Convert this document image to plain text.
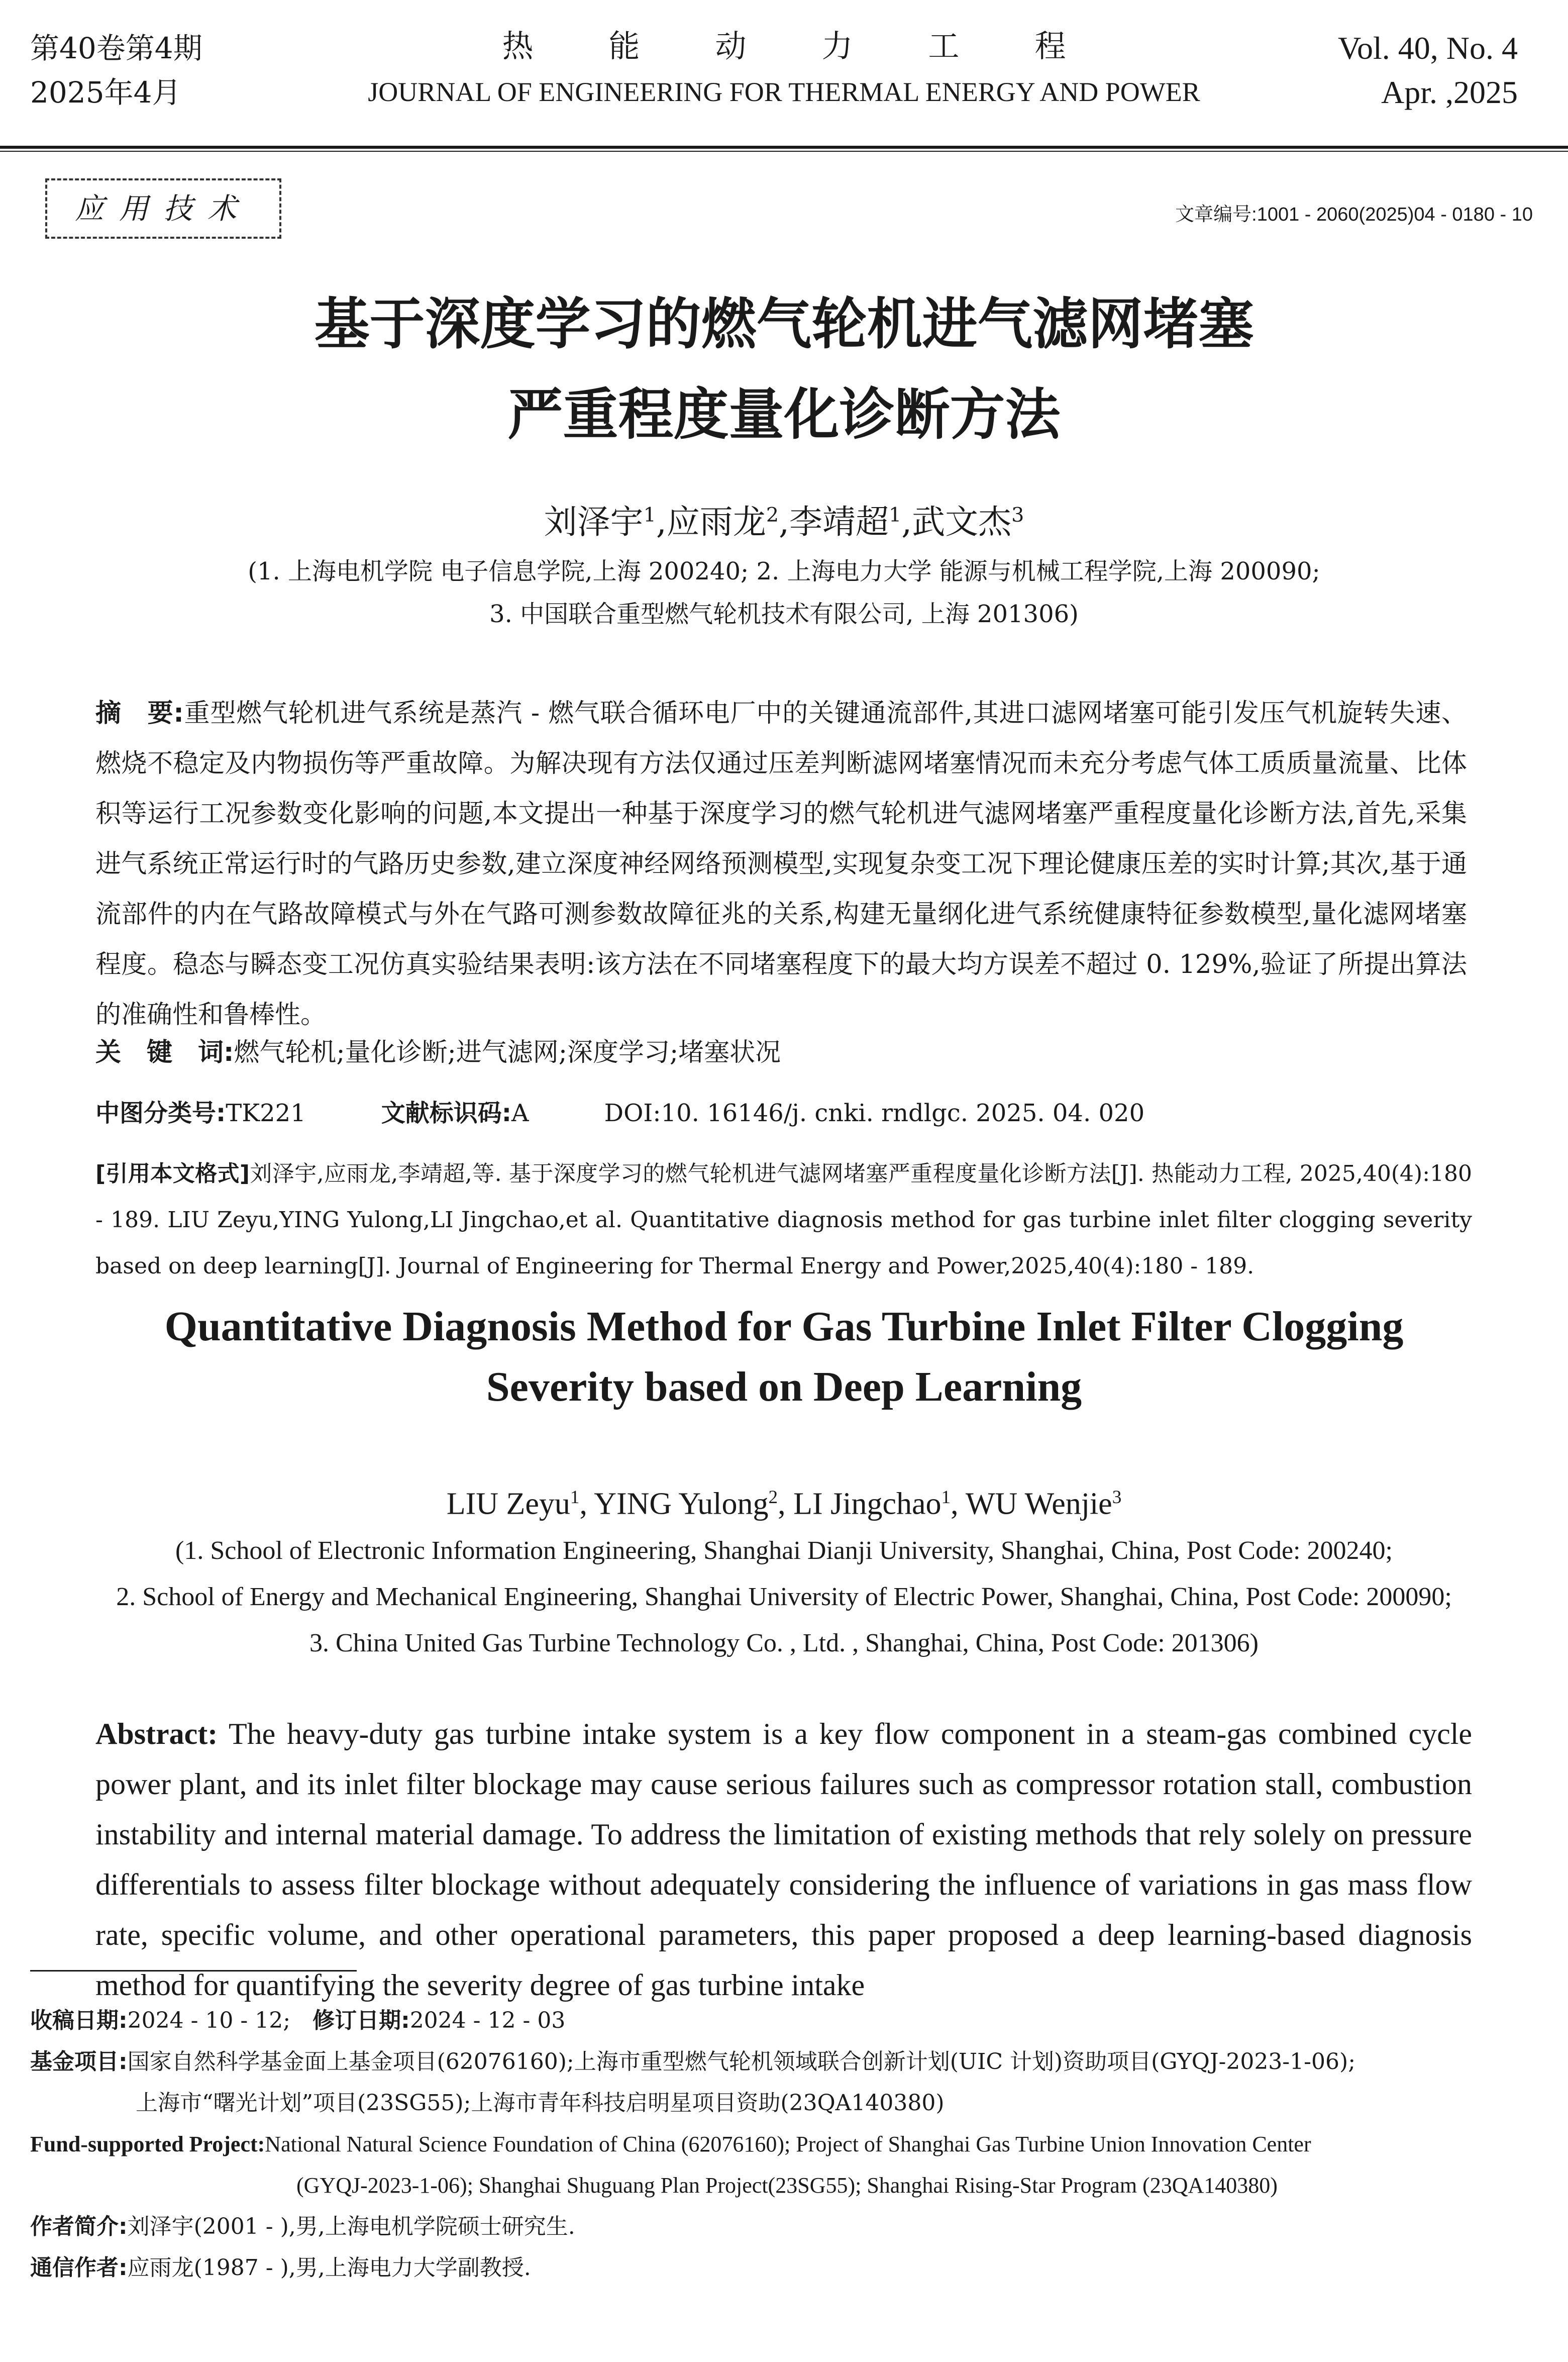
第40卷第4期
2025年4月
热能动力工程
JOURNAL OF ENGINEERING FOR THERMAL ENERGY AND POWER
Vol. 40, No. 4
Apr. ,2025
应用技术	文章编号:1001 - 2060(2025)04 - 0180 - 10
基于深度学习的燃气轮机进气滤网堵塞
严重程度量化诊断方法
刘泽宇$^1$,应雨龙$^2$,李靖超$^1$,武文杰$^3$
(1. 上海电机学院 电子信息学院,上海 200240; 2. 上海电力大学 能源与机械工程学院,上海 200090;
3. 中国联合重型燃气轮机技术有限公司, 上海 201306)
摘　要:重型燃气轮机进气系统是蒸汽 - 燃气联合循环电厂中的关键通流部件,其进口滤网堵塞可能引发压气机旋转失速、燃烧不稳定及内物损伤等严重故障。为解决现有方法仅通过压差判断滤网堵塞情况而未充分考虑气体工质质量流量、比体积等运行工况参数变化影响的问题,本文提出一种基于深度学习的燃气轮机进气滤网堵塞严重程度量化诊断方法,首先,采集进气系统正常运行时的气路历史参数,建立深度神经网络预测模型,实现复杂变工况下理论健康压差的实时计算;其次,基于通流部件的内在气路故障模式与外在气路可测参数故障征兆的关系,构建无量纲化进气系统健康特征参数模型,量化滤网堵塞程度。稳态与瞬态变工况仿真实验结果表明:该方法在不同堵塞程度下的最大均方误差不超过 0. 129%,验证了所提出算法的准确性和鲁棒性。
关　键　词:燃气轮机;量化诊断;进气滤网;深度学习;堵塞状况
中图分类号:TK221	文献标识码:A	DOI:10. 16146/j. cnki. rndlgc. 2025. 04. 020
[引用本文格式]刘泽宇,应雨龙,李靖超,等. 基于深度学习的燃气轮机进气滤网堵塞严重程度量化诊断方法[J]. 热能动力工程, 2025,40(4):180 - 189. LIU Zeyu,YING Yulong,LI Jingchao,et al. Quantitative diagnosis method for gas turbine inlet filter clogging severity based on deep learning[J]. Journal of Engineering for Thermal Energy and Power,2025,40(4):180 - 189.
Quantitative Diagnosis Method for Gas Turbine Inlet Filter Clogging
Severity based on Deep Learning
LIU Zeyu$^1$, YING Yulong$^2$, LI Jingchao$^1$, WU Wenjie$^3$
(1. School of Electronic Information Engineering, Shanghai Dianji University, Shanghai, China, Post Code: 200240;
2. School of Energy and Mechanical Engineering, Shanghai University of Electric Power, Shanghai, China, Post Code: 200090;
3. China United Gas Turbine Technology Co. , Ltd. , Shanghai, China, Post Code: 201306)
Abstract: The heavy-duty gas turbine intake system is a key flow component in a steam-gas combined cycle power plant, and its inlet filter blockage may cause serious failures such as compressor rotation stall, combustion instability and internal material damage. To address the limitation of existing methods that rely solely on pressure differentials to assess filter blockage without adequately considering the influence of variations in gas mass flow rate, specific volume, and other operational parameters, this paper proposed a deep learning-based diagnosis method for quantifying the severity degree of gas turbine intake
收稿日期:2024 - 10 - 12;　 修订日期:2024 - 12 - 03
基金项目:国家自然科学基金面上基金项目(62076160);上海市重型燃气轮机领域联合创新计划(UIC 计划)资助项目(GYQJ-2023-1-06);
上海市“曙光计划”项目(23SG55);上海市青年科技启明星项目资助(23QA140380)
Fund-supported Project:National Natural Science Foundation of China (62076160); Project of Shanghai Gas Turbine Union Innovation Center
(GYQJ-2023-1-06); Shanghai Shuguang Plan Project(23SG55); Shanghai Rising-Star Program (23QA140380)
作者简介:刘泽宇(2001 - ),男,上海电机学院硕士研究生.
通信作者:应雨龙(1987 - ),男,上海电力大学副教授.
